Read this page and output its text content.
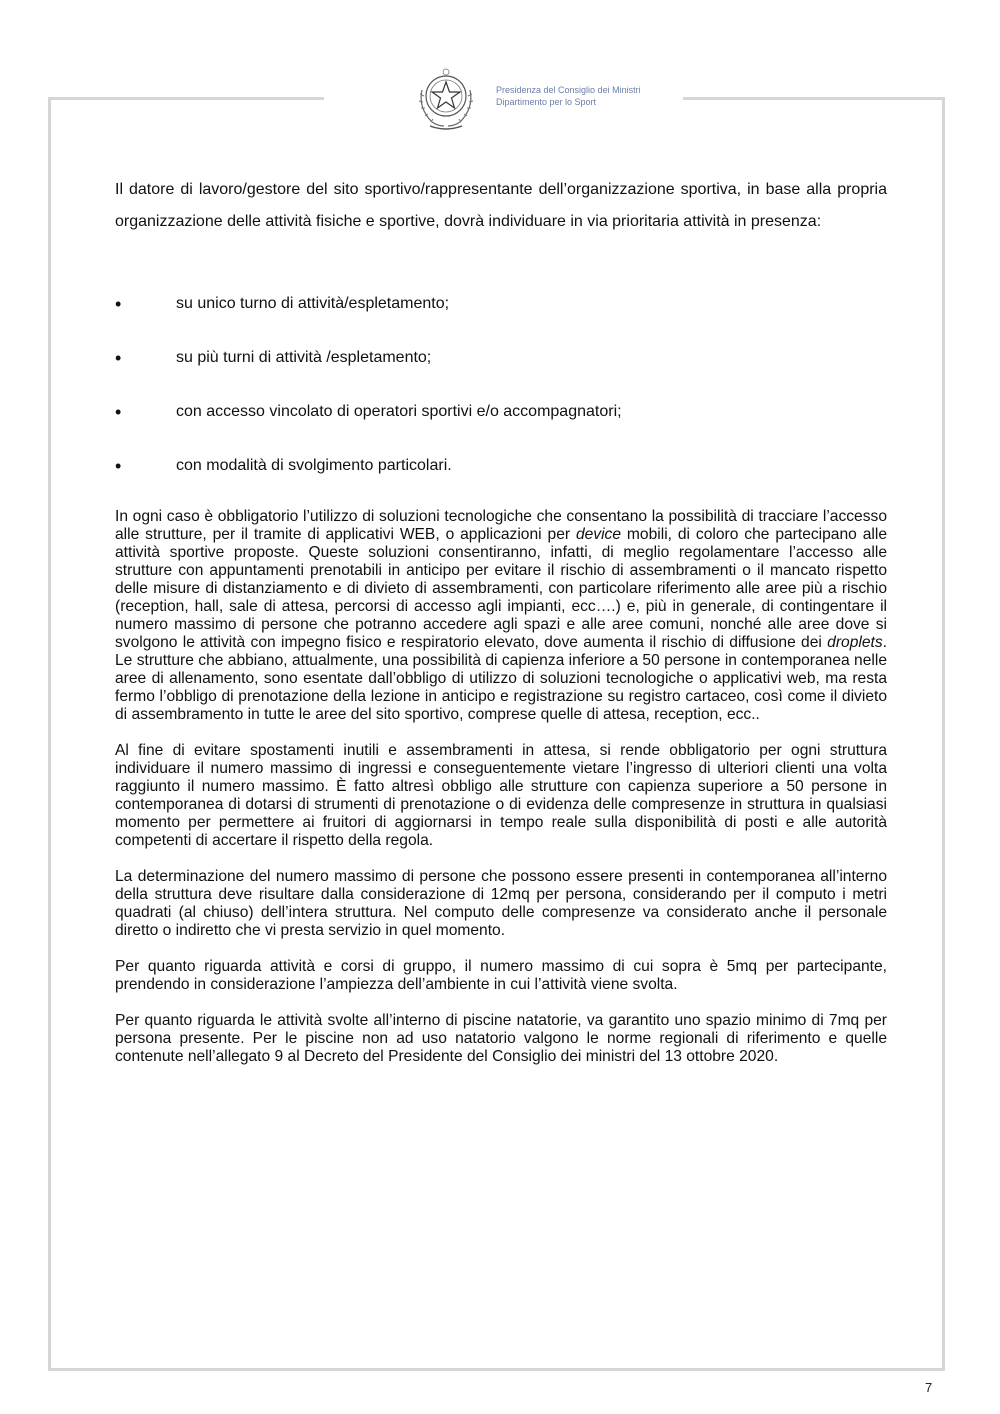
Presidenza del Consiglio dei Ministri
Dipartimento per lo Sport

Il datore di lavoro/gestore del sito sportivo/rappresentante dell’organizzazione sportiva, in base alla propria organizzazione delle attività fisiche e sportive, dovrà individuare in via prioritaria attività in presenza:

•	su unico turno di attività/espletamento;
•	su più turni di attività /espletamento;
•	con accesso vincolato di operatori sportivi e/o accompagnatori;
•	con modalità di svolgimento particolari.

In ogni caso è obbligatorio l’utilizzo di soluzioni tecnologiche che consentano la possibilità di tracciare l’accesso alle strutture, per il tramite di applicativi WEB, o applicazioni per device mobili, di coloro che partecipano alle attività sportive proposte. Queste soluzioni consentiranno, infatti, di meglio regolamentare l’accesso alle strutture con appuntamenti prenotabili in anticipo per evitare il rischio di assembramenti o il mancato rispetto delle misure di distanziamento e di divieto di assembramenti, con particolare riferimento alle aree più a rischio (reception, hall, sale di attesa, percorsi di accesso agli impianti, ecc….) e, più in generale, di contingentare il numero massimo di persone che potranno accedere agli spazi e alle aree comuni, nonché alle aree dove si svolgono le attività con impegno fisico e respiratorio elevato, dove aumenta il rischio di diffusione dei droplets. Le strutture che abbiano, attualmente, una possibilità di capienza inferiore a 50 persone in contemporanea nelle aree di allenamento, sono esentate dall’obbligo di utilizzo di soluzioni tecnologiche o applicativi web, ma resta fermo l’obbligo di prenotazione della lezione in anticipo e registrazione su registro cartaceo, così come il divieto di assembramento in tutte le aree del sito sportivo, comprese quelle di attesa, reception, ecc..

Al fine di evitare spostamenti inutili e assembramenti in attesa, si rende obbligatorio per ogni struttura individuare il numero massimo di ingressi e conseguentemente vietare l’ingresso di ulteriori clienti una volta raggiunto il numero massimo. È fatto altresì obbligo alle strutture con capienza superiore a 50 persone in contemporanea di dotarsi di strumenti di prenotazione o di evidenza delle compresenze in struttura in qualsiasi momento per permettere ai fruitori di aggiornarsi in tempo reale sulla disponibilità di posti e alle autorità competenti di accertare il rispetto della regola.

La determinazione del numero massimo di persone che possono essere presenti in contemporanea all’interno della struttura deve risultare dalla considerazione di 12mq per persona, considerando per il computo i metri quadrati (al chiuso) dell’intera struttura. Nel computo delle compresenze va considerato anche il personale diretto o indiretto che vi presta servizio in quel momento.

Per quanto riguarda attività e corsi di gruppo, il numero massimo di cui sopra è 5mq per partecipante, prendendo in considerazione l’ampiezza dell’ambiente in cui l’attività viene svolta.

Per quanto riguarda le attività svolte all’interno di piscine natatorie, va garantito uno spazio minimo di 7mq per persona presente. Per le piscine non ad uso natatorio valgono le norme regionali di riferimento e quelle contenute nell’allegato 9 al Decreto del Presidente del Consiglio dei ministri del 13 ottobre 2020.

7
